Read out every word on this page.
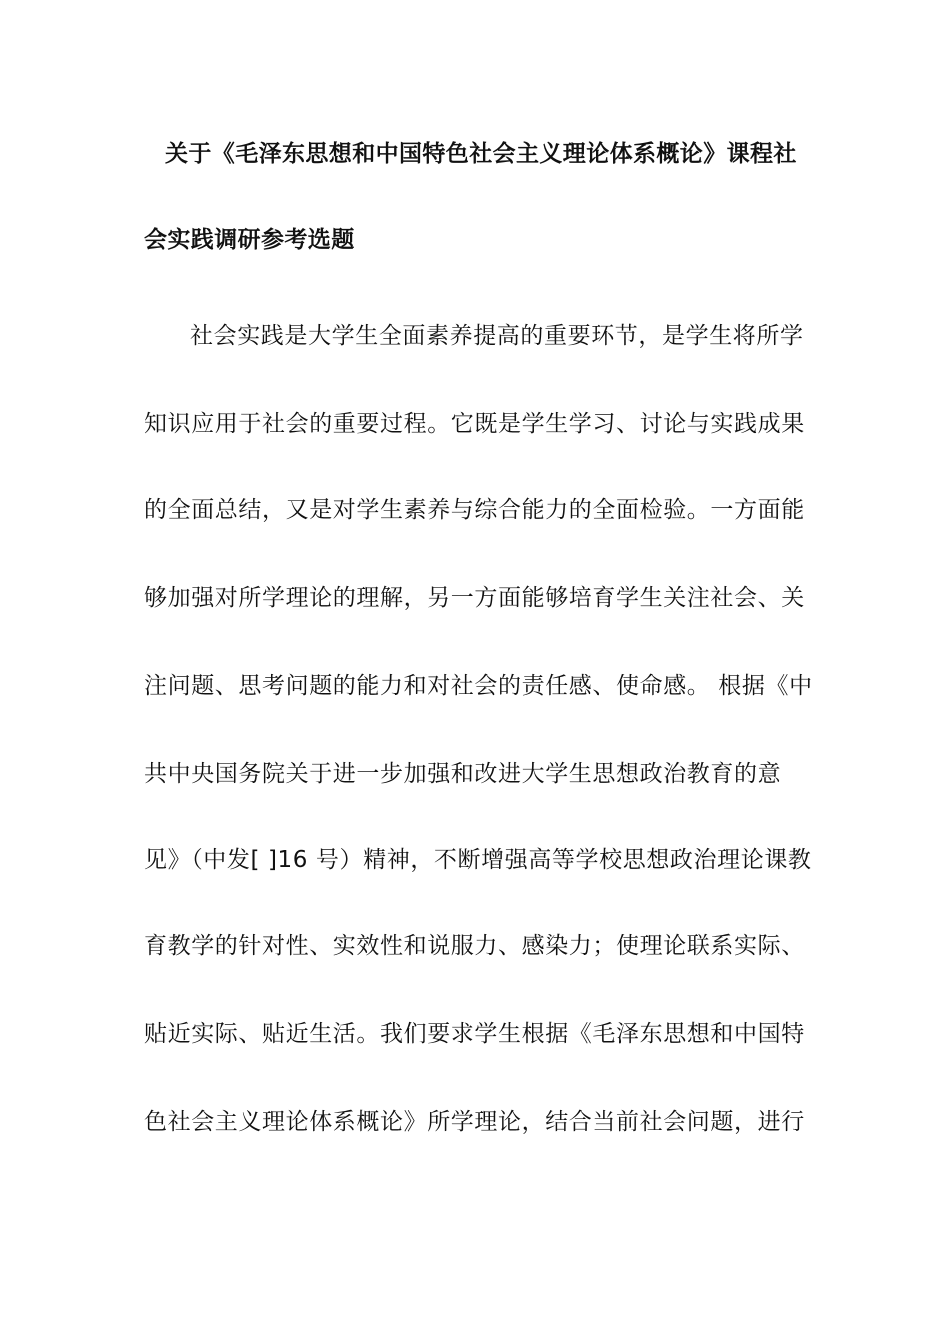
关于《毛泽东思想和中国特色社会主义理论体系概论》课程社

会实践调研参考选题

社会实践是大学生全面素养提高的重要环节，是学生将所学

知识应用于社会的重要过程。它既是学生学习、讨论与实践成果

的全面总结，又是对学生素养与综合能力的全面检验。一方面能

够加强对所学理论的理解，另一方面能够培育学生关注社会、关

注问题、思考问题的能力和对社会的责任感、使命感。 根据《中

共中央国务院关于进一步加强和改进大学生思想政治教育的意

见》（中发[ ]16 号）精神，不断增强高等学校思想政治理论课教

育教学的针对性、实效性和说服力、感染力；使理论联系实际、

贴近实际、贴近生活。我们要求学生根据《毛泽东思想和中国特

色社会主义理论体系概论》所学理论，结合当前社会问题，进行
